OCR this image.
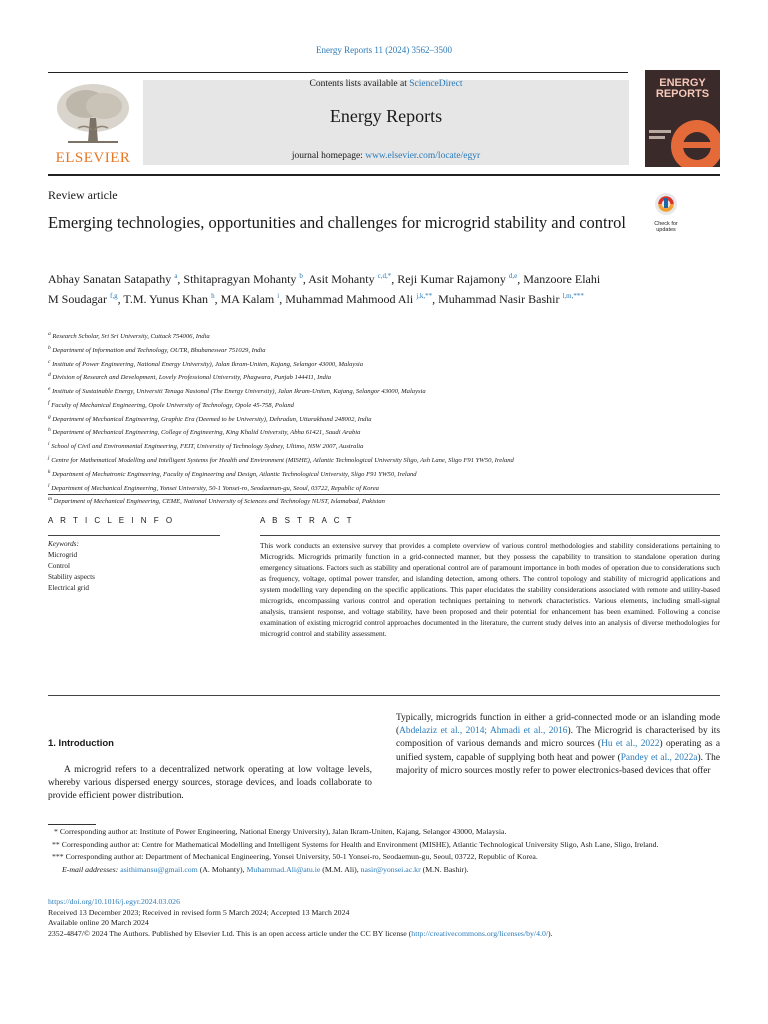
Energy Reports 11 (2024) 3562–3500
ELSEVIER
Contents lists available at ScienceDirect
Energy Reports
journal homepage: www.elsevier.com/locate/egyr
ENERGY
REPORTS
Review article
Check for
updates
Emerging technologies, opportunities and challenges for microgrid stability and control
Abhay Sanatan Satapathy $^a$, Sthitapragyan Mohanty $^b$, Asit Mohanty $^{c,d,*}$, Reji Kumar Rajamony $^{d,e}$, Manzoore Elahi M Soudagar $^{f,g}$, T.M. Yunus Khan $^h$, MA Kalam $^i$, Muhammad Mahmood Ali $^{j,k,**}$, Muhammad Nasir Bashir $^{l,m,***}$
$^a$ Research Scholar, Sri Sri University, Cuttack 754006, India
$^b$ Department of Information and Technology, OUTR, Bhubaneswar 751029, India
$^c$ Institute of Power Engineering, National Energy University), Jalan Ikram-Uniten, Kajang, Selangor 43000, Malaysia
$^d$ Division of Research and Development, Lovely Professional University, Phagwara, Punjab 144411, India
$^e$ Institute of Sustainable Energy, Universiti Tenaga Nasional (The Energy University), Jalan Ikram-Uniten, Kajang, Selangor 43000, Malaysia
$^f$ Faculty of Mechanical Engineering, Opole University of Technology, Opole 45-758, Poland
$^g$ Department of Mechanical Engineering, Graphic Era (Deemed to be University), Dehradun, Uttarakhand 248002, India
$^h$ Department of Mechanical Engineering, College of Engineering, King Khalid University, Abha 61421, Saudi Arabia
$^i$ School of Civil and Environmental Engineering, FEIT, University of Technology Sydney, Ultimo, NSW 2007, Australia
$^j$ Centre for Mathematical Modelling and Intelligent Systems for Health and Environment (MISHE), Atlantic Technological University Sligo, Ash Lane, Sligo F91 YW50, Ireland
$^k$ Department of Mechatronic Engineering, Faculty of Engineering and Design, Atlantic Technological University, Sligo F91 YW50, Ireland
$^l$ Department of Mechanical Engineering, Yonsei University, 50-1 Yonsei-ro, Seodaemun-gu, Seoul, 03722, Republic of Korea
$^m$ Department of Mechanical Engineering, CEME, National University of Sciences and Technology NUST, Islamabad, Pakistan
A R T I C L E I N F O	A B S T R A C T
Keywords:
Microgrid
Control
Stability aspects
Electrical grid
This work conducts an extensive survey that provides a complete overview of various control methodologies and stability considerations pertaining to Microgrids. Microgrids primarily function in a grid-connected manner, but they possess the capability to transition to standalone operation during emergency situations. Factors such as stability and operational control are of paramount importance in both modes of operation due to considerations such as frequency, voltage, optimal power transfer, and islanding detection, among others. The control topology and stability of microgrid applications and system modelling vary depending on the specific applications. This paper elucidates the stability considerations associated with remote and utility-based microgrids, encompassing various control and operation techniques pertaining to network characteristics. Various elements, including small-signal analysis, transient response, and voltage stability, have been proposed and their potential for enhancement has been examined. Following a concise examination of existing microgrid control approaches documented in the literature, the current study delves into an analysis of diverse methodologies for microgrid control and stability assessment.
1. Introduction
A microgrid refers to a decentralized network operating at low voltage levels, whereby various dispersed energy sources, storage devices, and loads collaborate to provide efficient power distribution.
Typically, microgrids function in either a grid-connected mode or an islanding mode (Abdelaziz et al., 2014; Ahmadi et al., 2016). The Microgrid is characterised by its composition of various demands and micro sources (Hu et al., 2022) operating as a unified system, capable of supplying both heat and power (Pandey et al., 2022a). The majority of micro sources mostly refer to power electronics-based devices that offer
* Corresponding author at: Institute of Power Engineering, National Energy University), Jalan Ikram-Uniten, Kajang, Selangor 43000, Malaysia.
** Corresponding author at: Centre for Mathematical Modelling and Intelligent Systems for Health and Environment (MISHE), Atlantic Technological University Sligo, Ash Lane, Sligo, Ireland.
*** Corresponding author at: Department of Mechanical Engineering, Yonsei University, 50-1 Yonsei-ro, Seodaemun-gu, Seoul, 03722, Republic of Korea.
E-mail addresses: asithimansu@gmail.com (A. Mohanty), Muhammad.Ali@atu.ie (M.M. Ali), nasir@yonsei.ac.kr (M.N. Bashir).
https://doi.org/10.1016/j.egyr.2024.03.026
Received 13 December 2023; Received in revised form 5 March 2024; Accepted 13 March 2024
Available online 20 March 2024
2352-4847/© 2024 The Authors. Published by Elsevier Ltd. This is an open access article under the CC BY license (http://creativecommons.org/licenses/by/4.0/).
